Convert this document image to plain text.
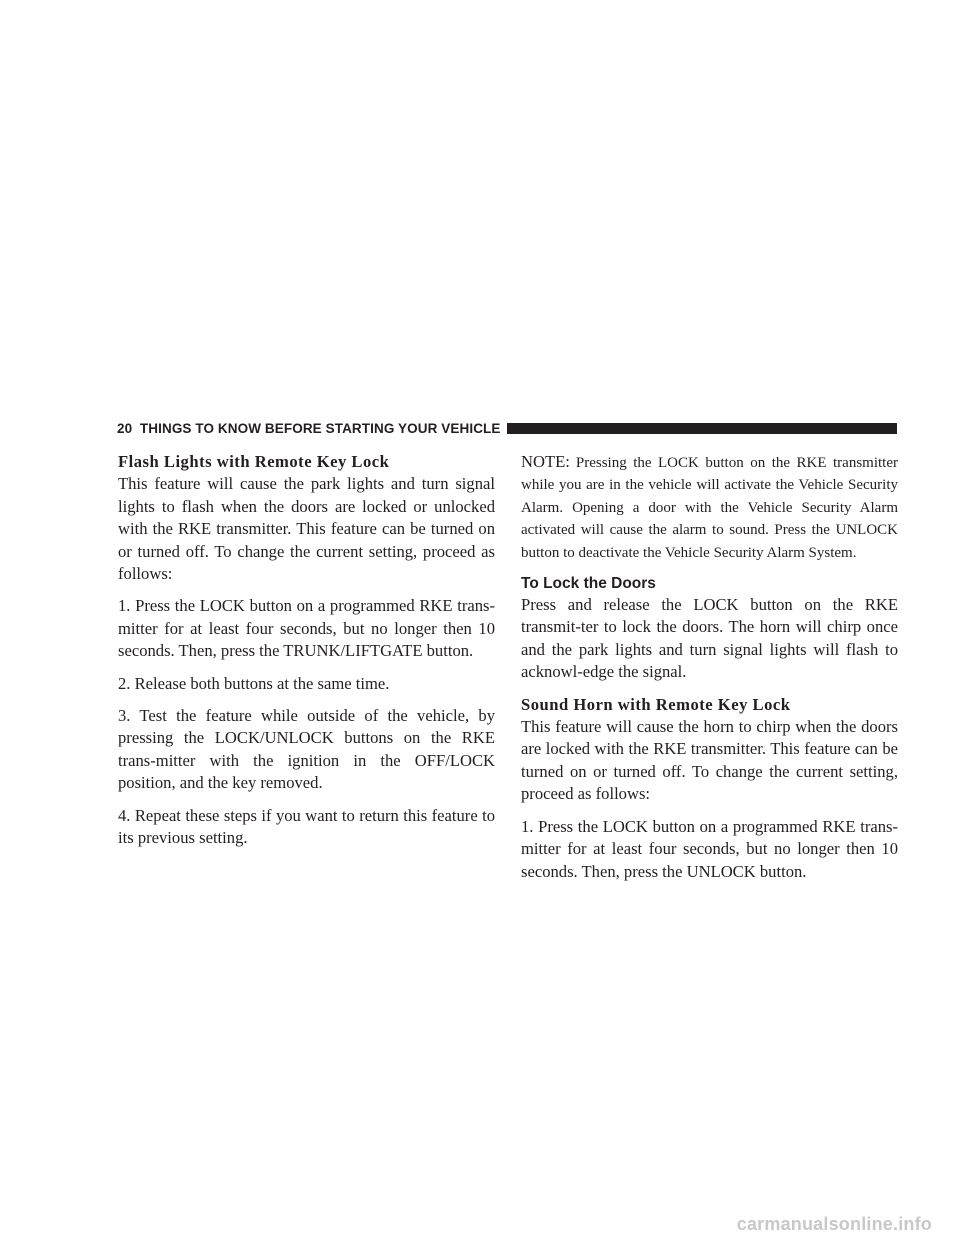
20 THINGS TO KNOW BEFORE STARTING YOUR VEHICLE
Flash Lights with Remote Key Lock

This feature will cause the park lights and turn signal lights to flash when the doors are locked or unlocked with the RKE transmitter. This feature can be turned on or turned off. To change the current setting, proceed as follows:

1. Press the LOCK button on a programmed RKE trans-mitter for at least four seconds, but no longer then 10 seconds. Then, press the TRUNK/LIFTGATE button.

2. Release both buttons at the same time.

3. Test the feature while outside of the vehicle, by pressing the LOCK/UNLOCK buttons on the RKE trans-mitter with the ignition in the OFF/LOCK position, and the key removed.

4. Repeat these steps if you want to return this feature to its previous setting.

NOTE: Pressing the LOCK button on the RKE transmitter while you are in the vehicle will activate the Vehicle Security Alarm. Opening a door with the Vehicle Security Alarm activated will cause the alarm to sound. Press the UNLOCK button to deactivate the Vehicle Security Alarm System.

To Lock the Doors

Press and release the LOCK button on the RKE transmit-ter to lock the doors. The horn will chirp once and the park lights and turn signal lights will flash to acknowl-edge the signal.

Sound Horn with Remote Key Lock

This feature will cause the horn to chirp when the doors are locked with the RKE transmitter. This feature can be turned on or turned off. To change the current setting, proceed as follows:

1. Press the LOCK button on a programmed RKE trans-mitter for at least four seconds, but no longer then 10 seconds. Then, press the UNLOCK button.

carmanualsonline.info
